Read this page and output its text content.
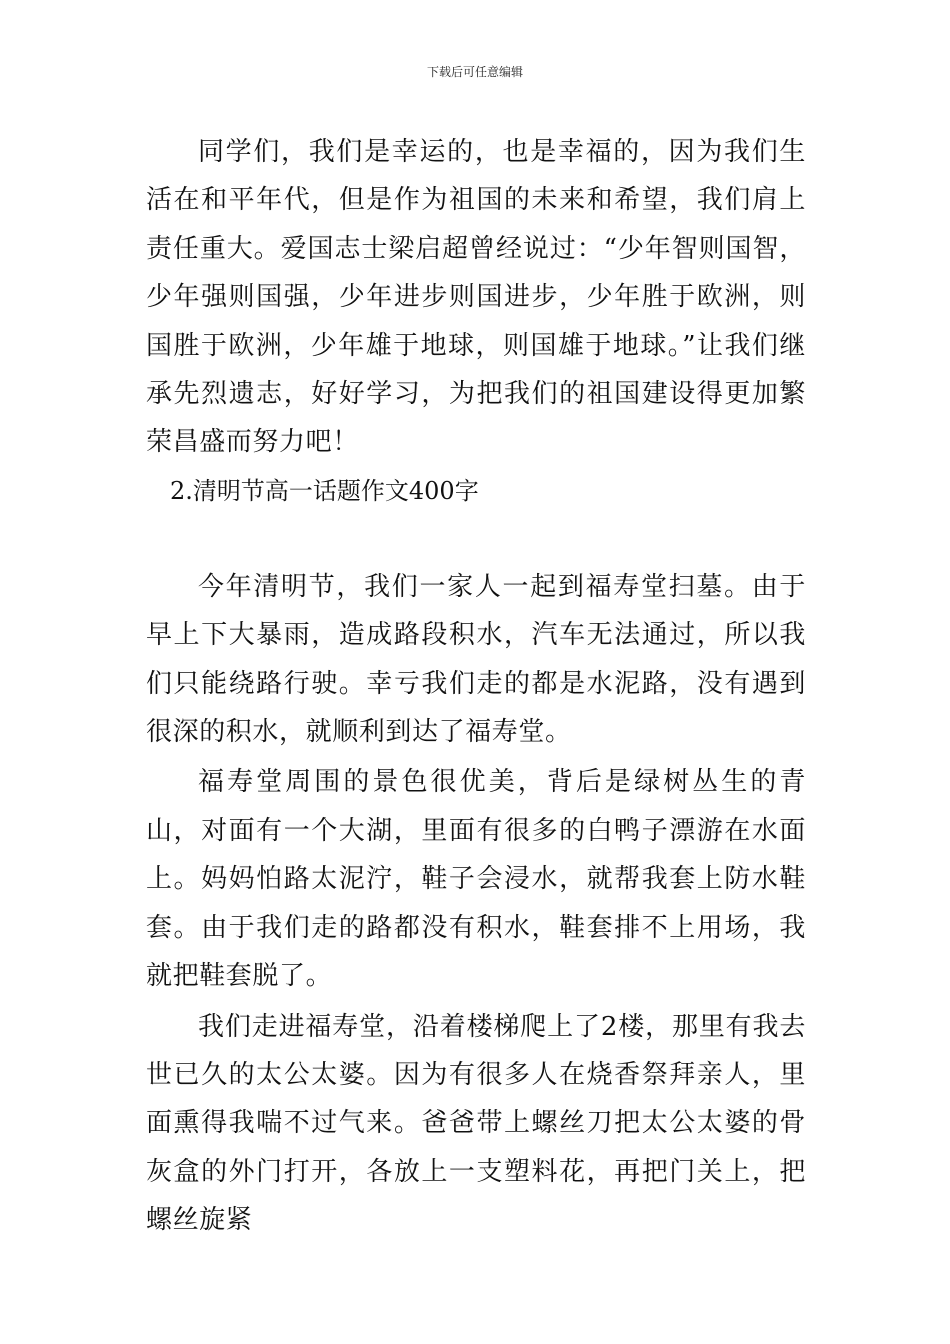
下载后可任意编辑

同学们，我们是幸运的，也是幸福的，因为我们生活在和平年代，但是作为祖国的未来和希望，我们肩上责任重大。爱国志士梁启超曾经说过：“少年智则国智，少年强则国强，少年进步则国进步，少年胜于欧洲，则国胜于欧洲，少年雄于地球，则国雄于地球。”让我们继承先烈遗志，好好学习，为把我们的祖国建设得更加繁荣昌盛而努力吧！

2.清明节高一话题作文400字

今年清明节，我们一家人一起到福寿堂扫墓。由于早上下大暴雨，造成路段积水，汽车无法通过，所以我们只能绕路行驶。幸亏我们走的都是水泥路，没有遇到很深的积水，就顺利到达了福寿堂。

福寿堂周围的景色很优美，背后是绿树丛生的青山，对面有一个大湖，里面有很多的白鸭子漂游在水面上。妈妈怕路太泥泞，鞋子会浸水，就帮我套上防水鞋套。由于我们走的路都没有积水，鞋套排不上用场，我就把鞋套脱了。

我们走进福寿堂，沿着楼梯爬上了2楼，那里有我去世已久的太公太婆。因为有很多人在烧香祭拜亲人，里面熏得我喘不过气来。爸爸带上螺丝刀把太公太婆的骨灰盒的外门打开，各放上一支塑料花，再把门关上，把螺丝旋紧
